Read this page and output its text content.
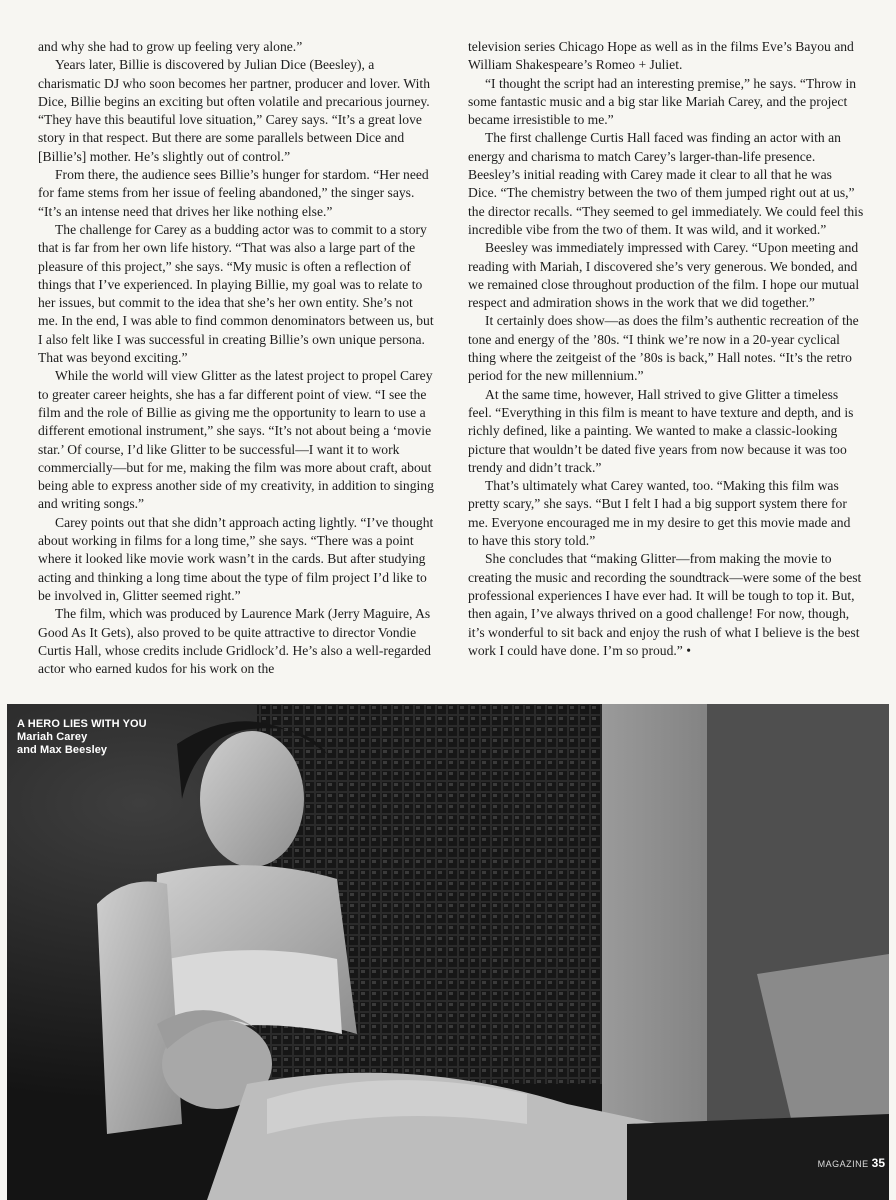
and why she had to grow up feeling very alone.”

Years later, Billie is discovered by Julian Dice (Beesley), a charismatic DJ who soon becomes her partner, producer and lover. With Dice, Billie begins an exciting but often volatile and precarious journey. “They have this beautiful love situation,” Carey says. “It’s a great love story in that respect. But there are some parallels between Dice and [Billie’s] mother. He’s slightly out of control.”

From there, the audience sees Billie’s hunger for stardom. “Her need for fame stems from her issue of feeling abandoned,” the singer says. “It’s an intense need that drives her like nothing else.”

The challenge for Carey as a budding actor was to commit to a story that is far from her own life history. “That was also a large part of the pleasure of this project,” she says. “My music is often a reflection of things that I’ve experienced. In playing Billie, my goal was to relate to her issues, but commit to the idea that she’s her own entity. She’s not me. In the end, I was able to find common denominators between us, but I also felt like I was successful in creating Billie’s own unique persona. That was beyond exciting.”

While the world will view Glitter as the latest project to propel Carey to greater career heights, she has a far different point of view. “I see the film and the role of Billie as giving me the opportunity to learn to use a different emotional instrument,” she says. “It’s not about being a ‘movie star.’ Of course, I’d like Glitter to be successful—I want it to work commercially—but for me, making the film was more about craft, about being able to express another side of my creativity, in addition to singing and writing songs.”

Carey points out that she didn’t approach acting lightly. “I’ve thought about working in films for a long time,” she says. “There was a point where it looked like movie work wasn’t in the cards. But after studying acting and thinking a long time about the type of film project I’d like to be involved in, Glitter seemed right.”

The film, which was produced by Laurence Mark (Jerry Maguire, As Good As It Gets), also proved to be quite attractive to director Vondie Curtis Hall, whose credits include Gridlock’d. He’s also a well-regarded actor who earned kudos for his work on the

television series Chicago Hope as well as in the films Eve’s Bayou and William Shakespeare’s Romeo + Juliet.

“I thought the script had an interesting premise,” he says. “Throw in some fantastic music and a big star like Mariah Carey, and the project became irresistible to me.”

The first challenge Curtis Hall faced was finding an actor with an energy and charisma to match Carey’s larger-than-life presence. Beesley’s initial reading with Carey made it clear to all that he was Dice. “The chemistry between the two of them jumped right out at us,” the director recalls. “They seemed to gel immediately. We could feel this incredible vibe from the two of them. It was wild, and it worked.”

Beesley was immediately impressed with Carey. “Upon meeting and reading with Mariah, I discovered she’s very generous. We bonded, and we remained close throughout production of the film. I hope our mutual respect and admiration shows in the work that we did together.”

It certainly does show—as does the film’s authentic recreation of the tone and energy of the ’80s. “I think we’re now in a 20-year cyclical thing where the zeitgeist of the ’80s is back,” Hall notes. “It’s the retro period for the new millennium.”

At the same time, however, Hall strived to give Glitter a timeless feel. “Everything in this film is meant to have texture and depth, and is richly defined, like a painting. We wanted to make a classic-looking picture that wouldn’t be dated five years from now because it was too trendy and didn’t track.”

That’s ultimately what Carey wanted, too. “Making this film was pretty scary,” she says. “But I felt I had a big support system there for me. Everyone encouraged me in my desire to get this movie made and to have this story told.”

She concludes that “making Glitter—from making the movie to creating the music and recording the soundtrack—were some of the best professional experiences I have ever had. It will be tough to top it. But, then again, I’ve always thrived on a good challenge! For now, though, it’s wonderful to sit back and enjoy the rush of what I believe is the best work I could have done. I’m so proud.” •

A HERO LIES WITH YOU
Mariah Carey
and Max Beesley
MAGAZINE 35
